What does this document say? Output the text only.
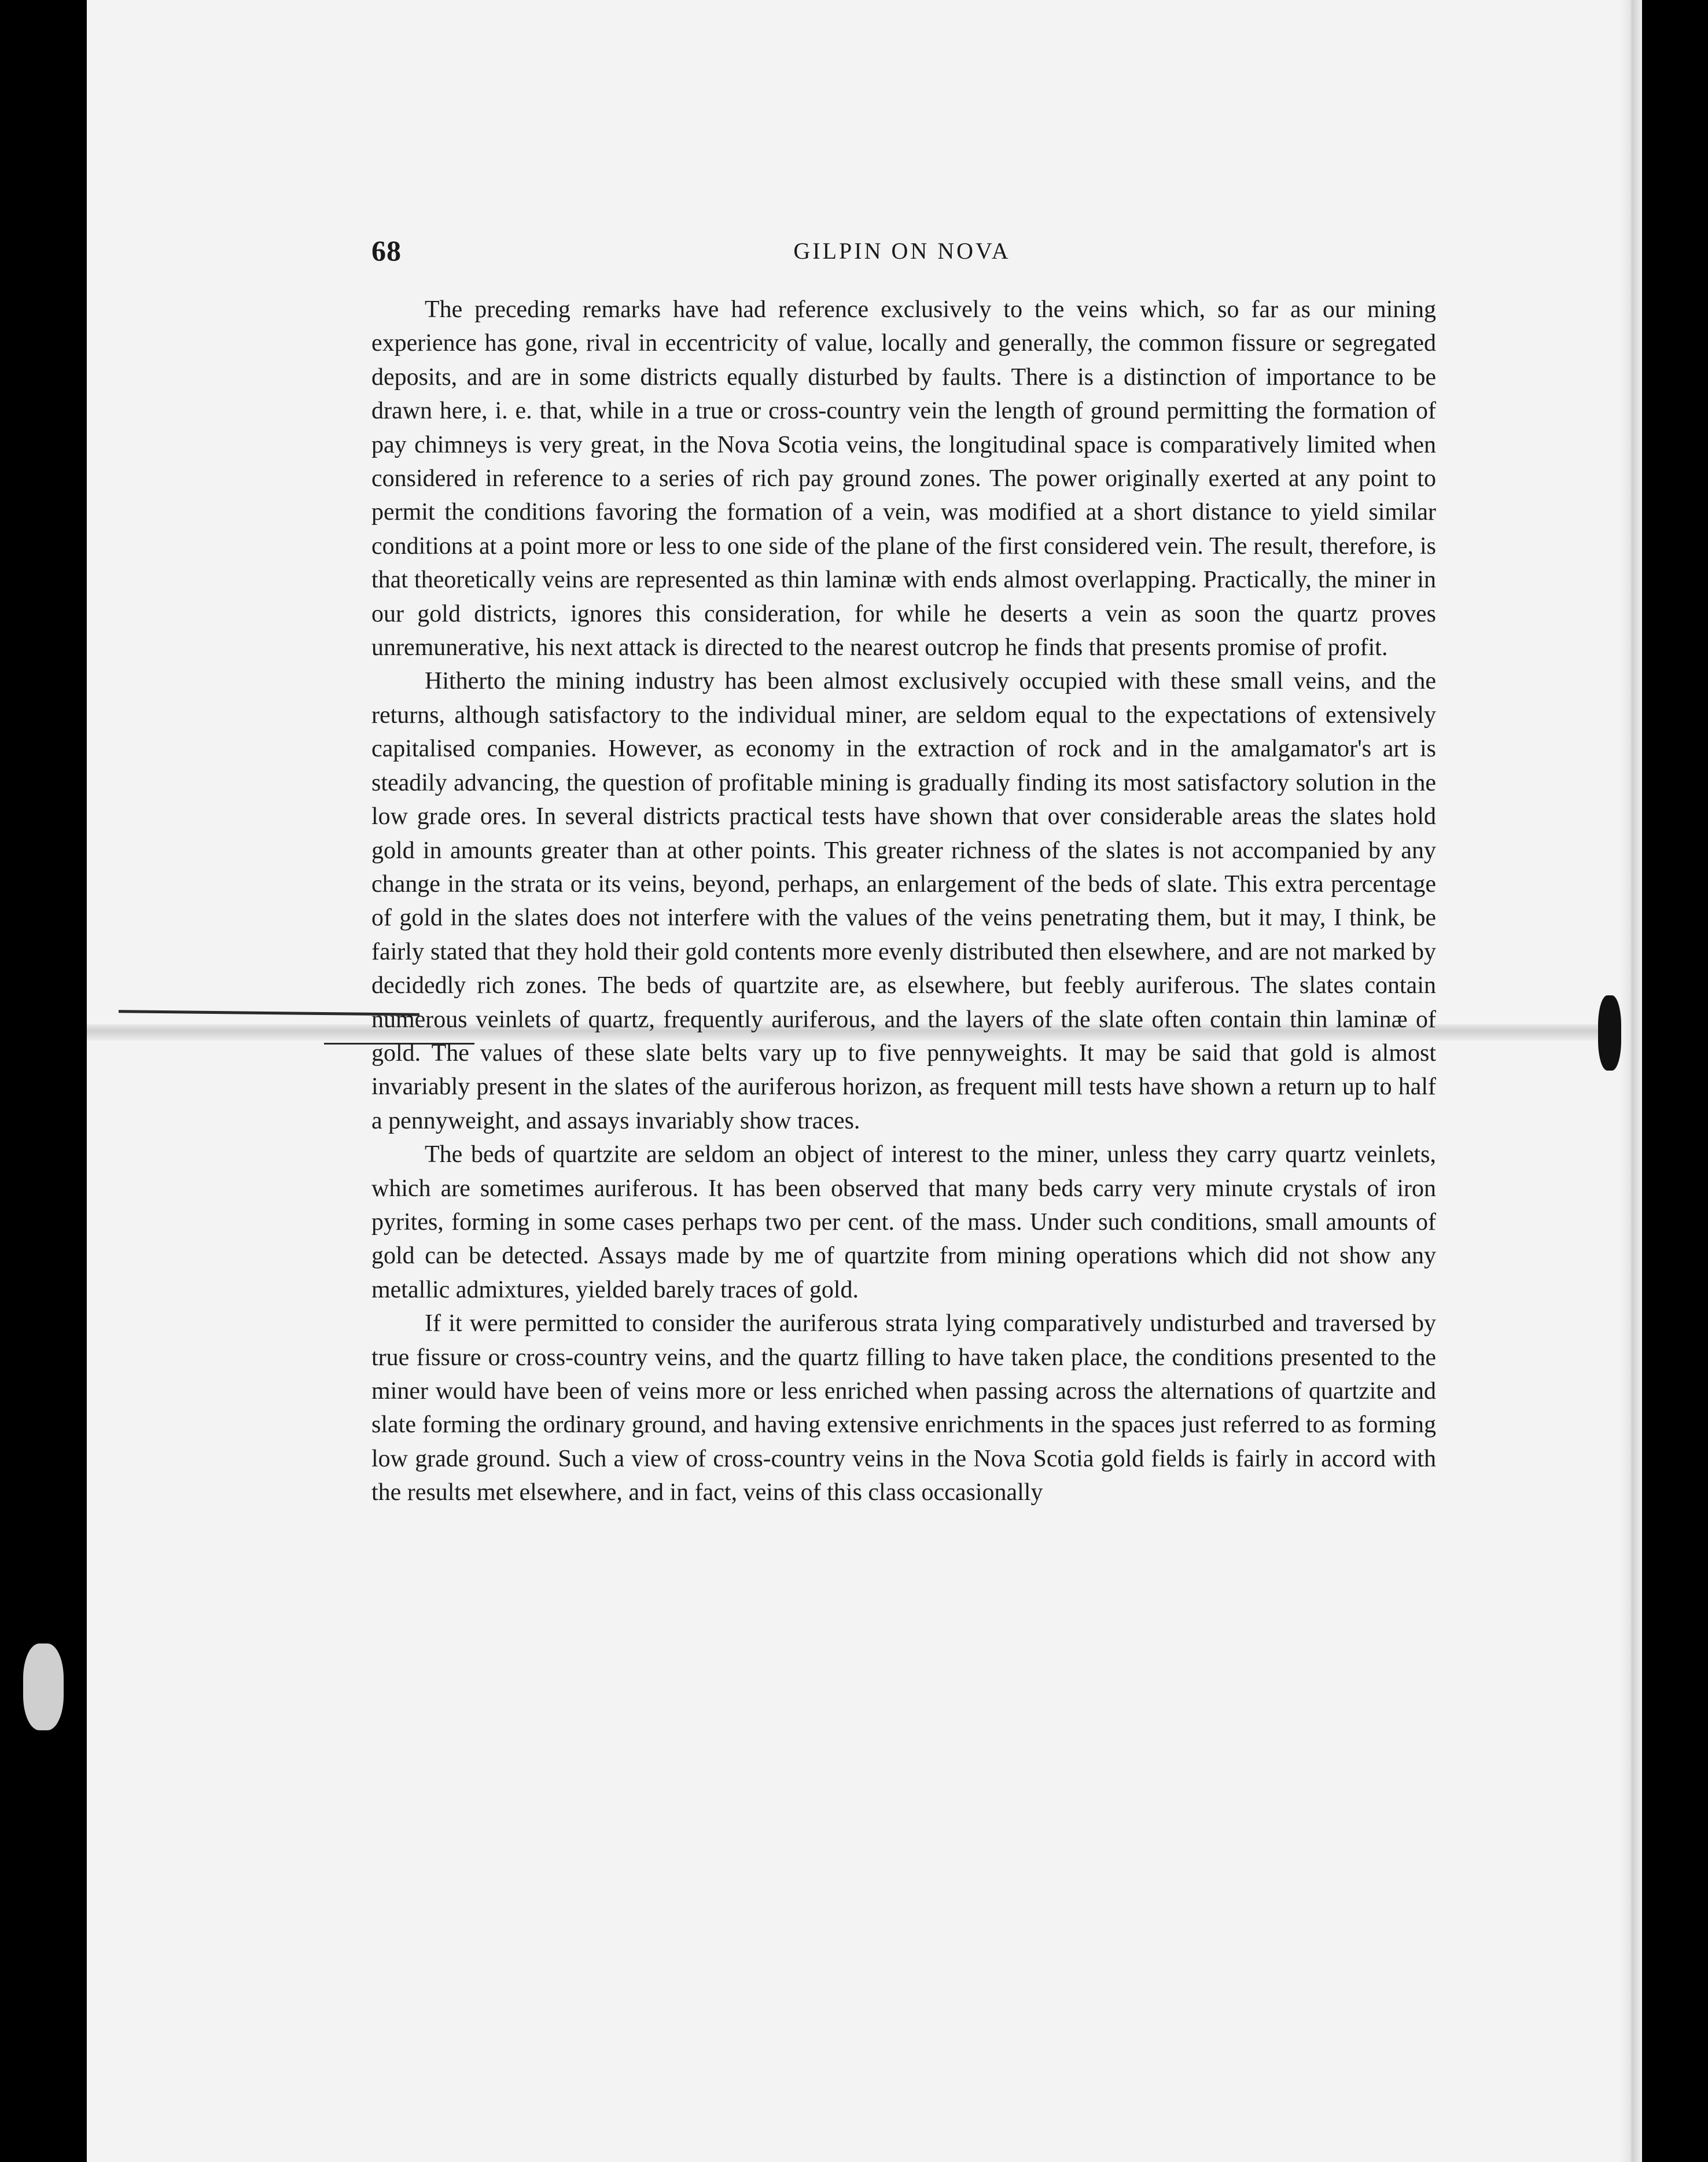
68	GILPIN ON NOVA

The preceding remarks have had reference exclusively to the veins which, so far as our mining experience has gone, rival in eccentricity of value, locally and generally, the common fissure or segregated deposits, and are in some districts equally disturbed by faults. There is a distinction of importance to be drawn here, i. e. that, while in a true or cross-country vein the length of ground permitting the formation of pay chimneys is very great, in the Nova Scotia veins, the longitudinal space is comparatively limited when considered in reference to a series of rich pay ground zones. The power originally exerted at any point to permit the conditions favoring the formation of a vein, was modified at a short distance to yield similar conditions at a point more or less to one side of the plane of the first considered vein. The result, therefore, is that theoretically veins are represented as thin laminæ with ends almost overlapping. Practically, the miner in our gold districts, ignores this consideration, for while he deserts a vein as soon the quartz proves unremunerative, his next attack is directed to the nearest outcrop he finds that presents promise of profit.

Hitherto the mining industry has been almost exclusively occupied with these small veins, and the returns, although satisfactory to the individual miner, are seldom equal to the expectations of extensively capitalised companies. However, as economy in the extraction of rock and in the amalgamator's art is steadily advancing, the question of profitable mining is gradually finding its most satisfactory solution in the low grade ores. In several districts practical tests have shown that over considerable areas the slates hold gold in amounts greater than at other points. This greater richness of the slates is not accompanied by any change in the strata or its veins, beyond, perhaps, an enlargement of the beds of slate. This extra percentage of gold in the slates does not interfere with the values of the veins penetrating them, but it may, I think, be fairly stated that they hold their gold contents more evenly distributed then elsewhere, and are not marked by decidedly rich zones. The beds of quartzite are, as elsewhere, but feebly auriferous. The slates contain numerous veinlets of quartz, frequently auriferous, and the layers of the slate often contain thin laminæ of gold. The values of these slate belts vary up to five pennyweights. It may be said that gold is almost invariably present in the slates of the auriferous horizon, as frequent mill tests have shown a return up to half a pennyweight, and assays invariably show traces.

The beds of quartzite are seldom an object of interest to the miner, unless they carry quartz veinlets, which are sometimes auriferous. It has been observed that many beds carry very minute crystals of iron pyrites, forming in some cases perhaps two per cent. of the mass. Under such conditions, small amounts of gold can be detected. Assays made by me of quartzite from mining operations which did not show any metallic admixtures, yielded barely traces of gold.

If it were permitted to consider the auriferous strata lying comparatively undisturbed and traversed by true fissure or cross-country veins, and the quartz filling to have taken place, the conditions presented to the miner would have been of veins more or less enriched when passing across the alternations of quartzite and slate forming the ordinary ground, and having extensive enrichments in the spaces just referred to as forming low grade ground. Such a view of cross-country veins in the Nova Scotia gold fields is fairly in accord with the results met elsewhere, and in fact, veins of this class occasionally
